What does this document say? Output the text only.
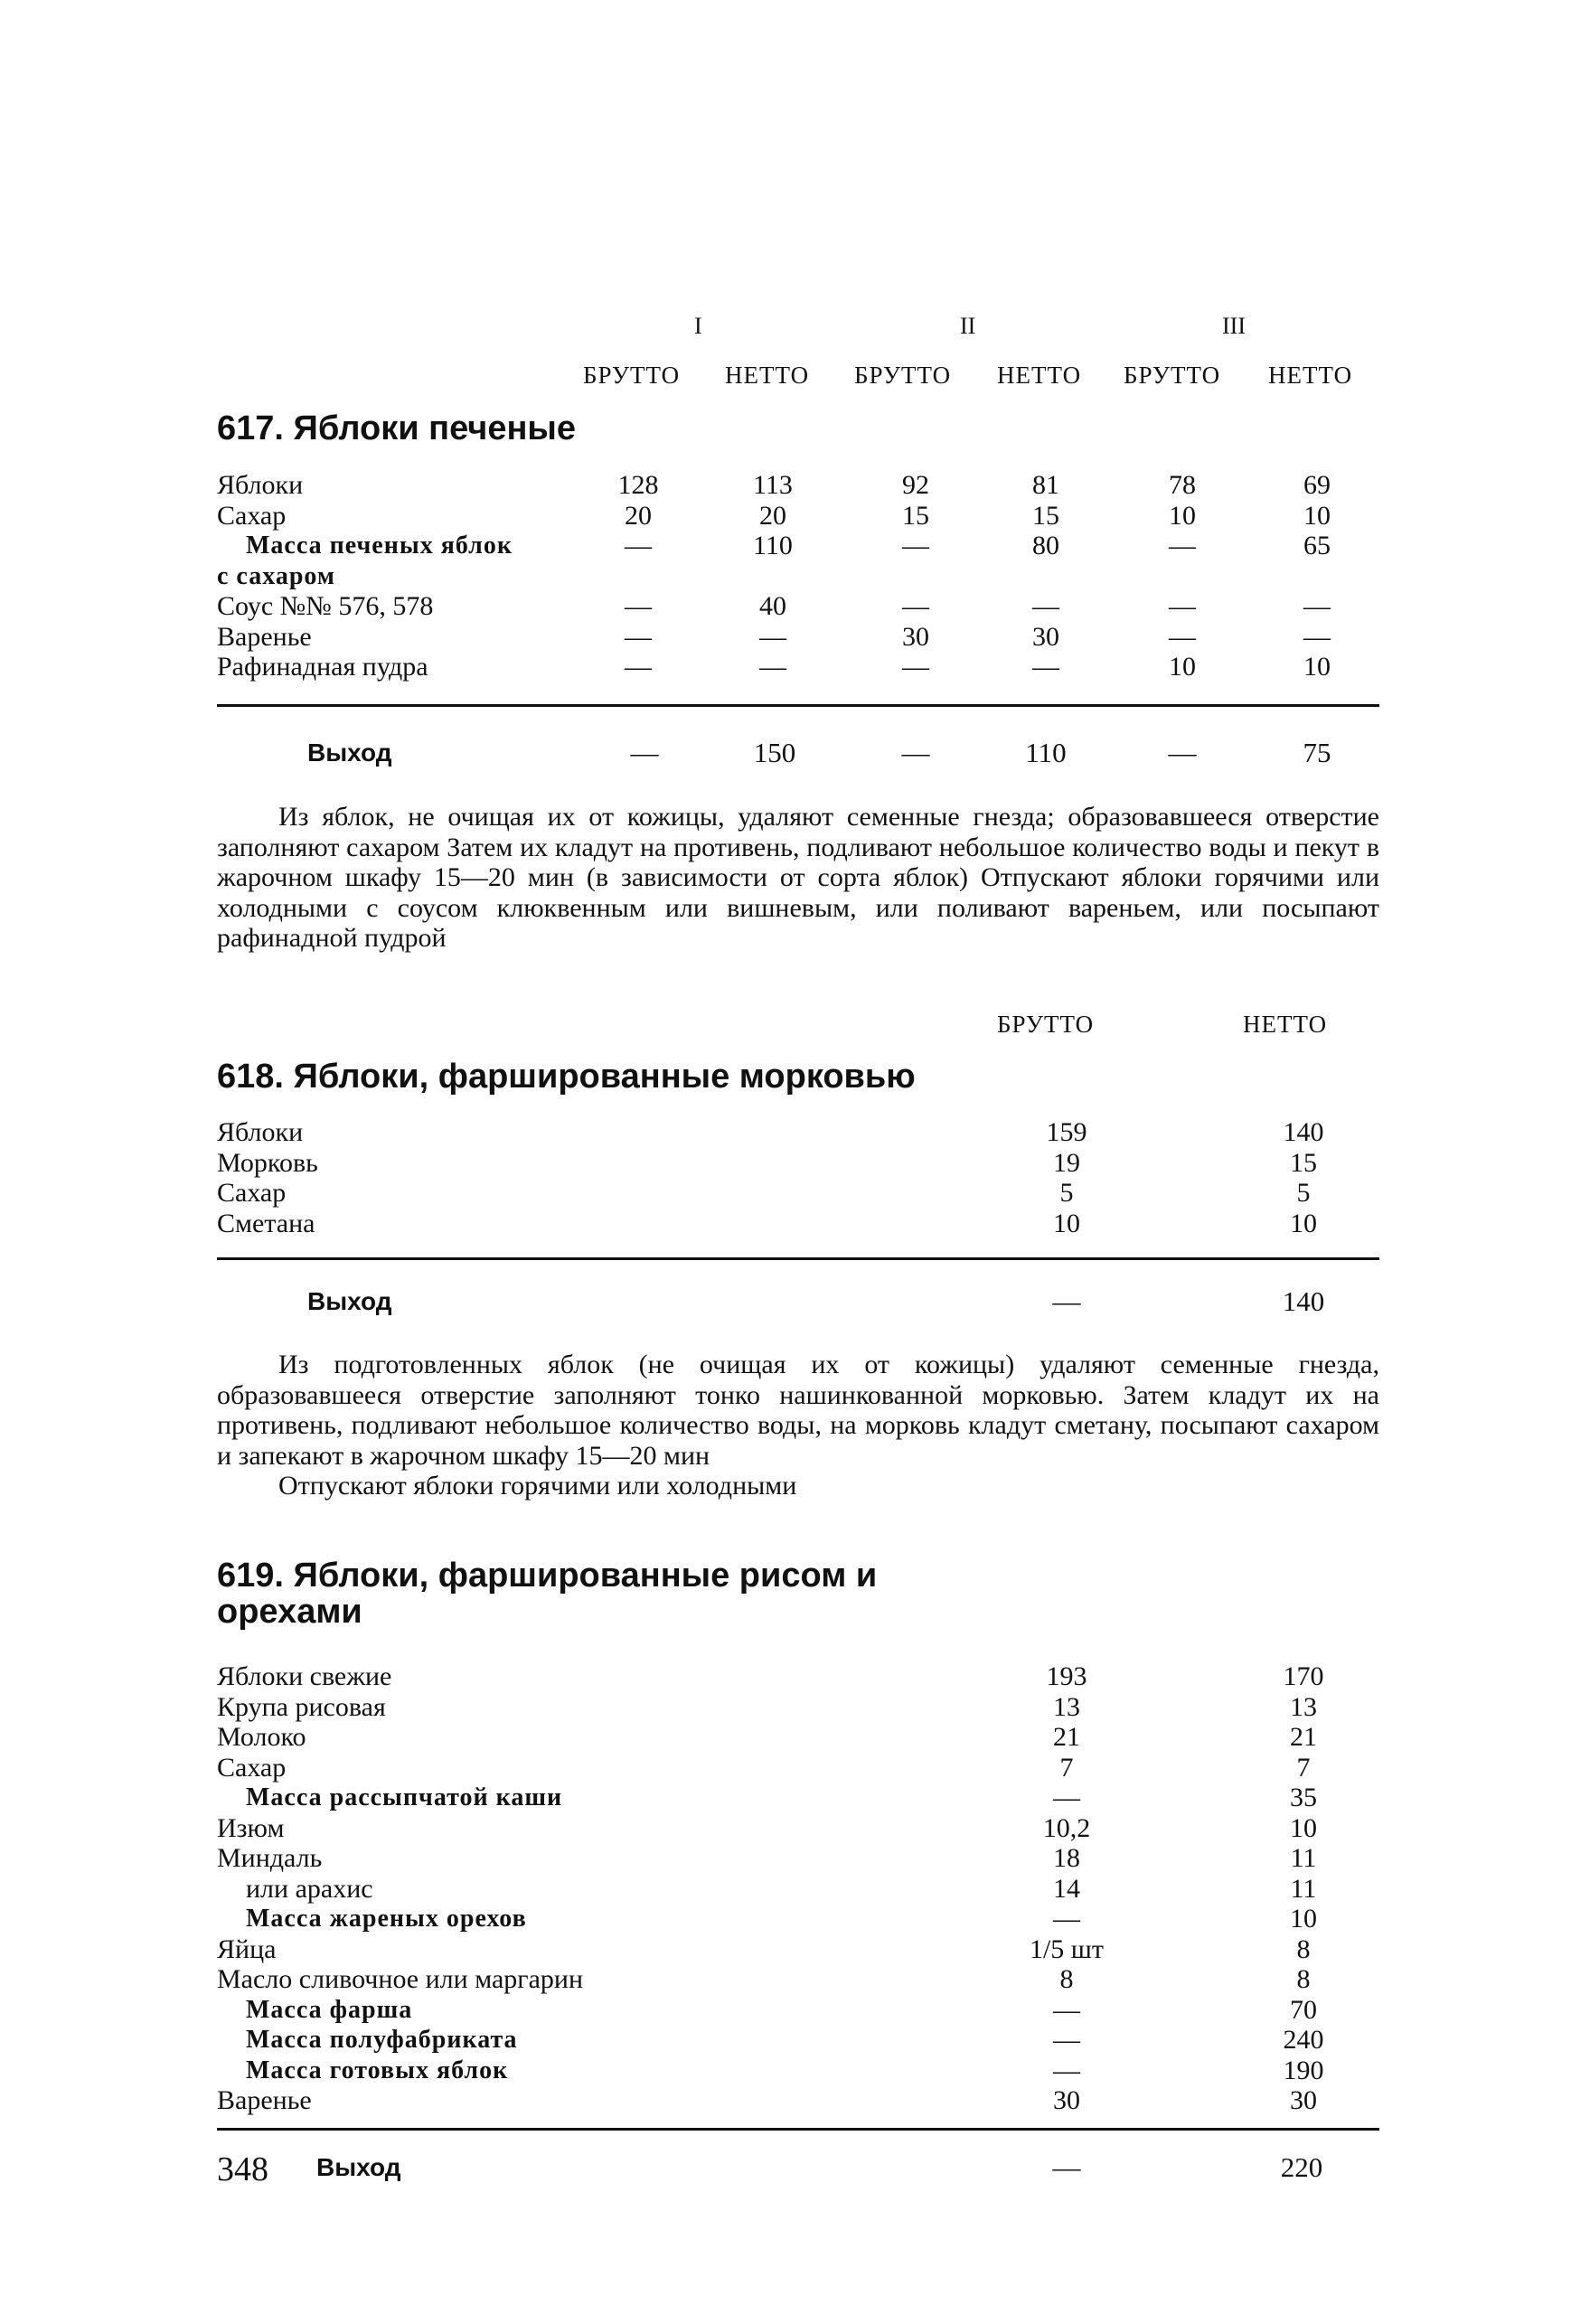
I	II	III
БРУТТО НЕТТО БРУТТО НЕТТО БРУТТО НЕТТО
617. Яблоки печеные
Яблоки	128	113	92	81	78	69
Сахар	20	20	15	15	10	10
Масса печеных яблок	—	110	—	80	—	65
с сахаром
Соус №№ 576, 578	—	40	—	—	—	—
Варенье	—	—	30	30	—	—
Рафинадная пудра	—	—	—	—	10	10
Выход	—	150	—	110	—	75

Из яблок, не очищая их от кожицы, удаляют семенные гнезда; образовавшееся отверстие заполняют сахаром Затем их кладут на противень, подливают небольшое количество воды и пекут в жарочном шкафу 15—20 мин (в зависимости от сорта яблок) Отпускают яблоки горячими или холодными с соусом клюквенным или вишневым, или поливают вареньем, или посыпают рафинадной пудрой

БРУТТО	НЕТТО
618. Яблоки, фаршированные морковью
Яблоки	159	140
Морковь	19	15
Сахар	5	5
Сметана	10	10
Выход	—	140

Из подготовленных яблок (не очищая их от кожицы) удаляют семенные гнезда, образовавшееся отверстие заполняют тонко нашинкованной морковью. Затем кладут их на противень, подливают небольшое количество воды, на морковь кладут сметану, посыпают сахаром и запекают в жарочном шкафу 15—20 мин

Отпускают яблоки горячими или холодными

619. Яблоки, фаршированные рисом и
орехами
Яблоки свежие	193	170
Крупа рисовая	13	13
Молоко	21	21
Сахар	7	7
Масса рассыпчатой каши	—	35
Изюм	10,2	10
Миндаль	18	11
или арахис	14	11
Масса жареных орехов	—	10
Яйца	1/5 шт	8
Масло сливочное или маргарин	8	8
Масса фарша	—	70
Масса полуфабриката	—	240
Масса готовых яблок	—	190
Варенье	30	30
Выход	—	220
348
